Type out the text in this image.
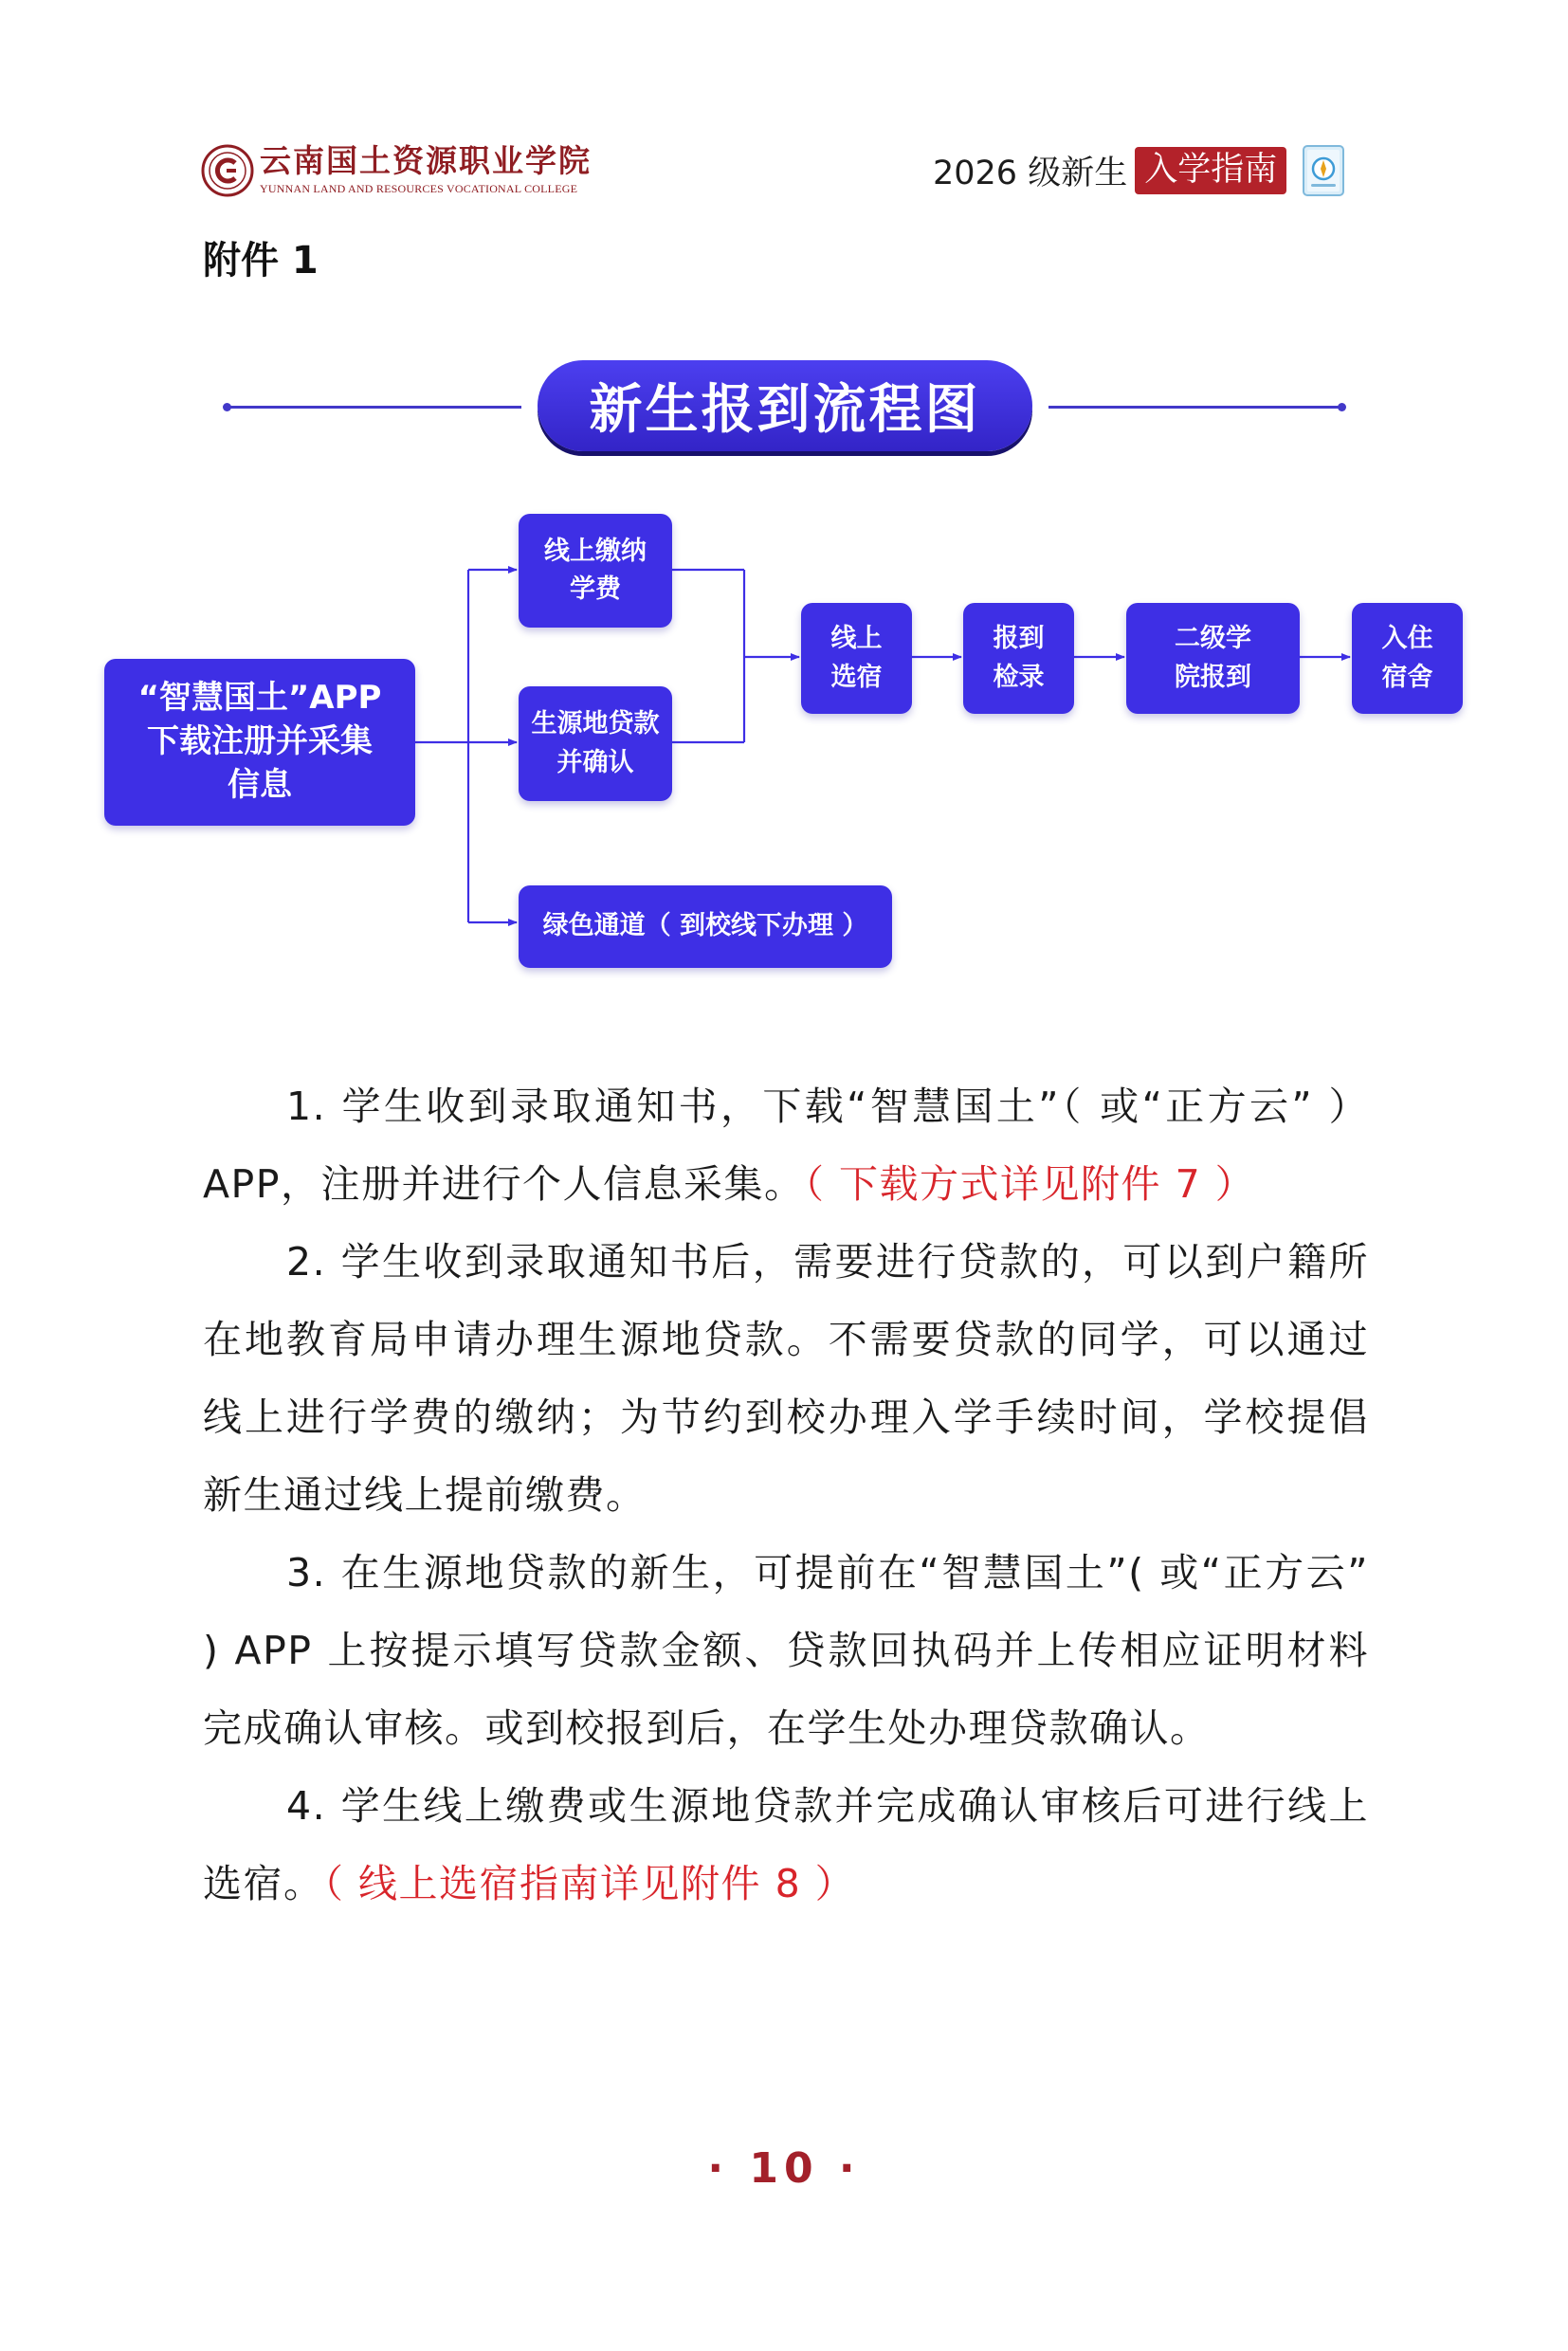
云南国土资源职业学院
YUNNAN LAND AND RESOURCES VOCATIONAL COLLEGE	2026 级新生 入学指南
附件 1
新生报到流程图
“智慧国土”APP
下载注册并采集
信息
线上缴纳
学费
生源地贷款
并确认
绿色通道（ 到校线下办理 ）
线上
选宿
报到
检录
二级学
院报到
入住
宿舍
1. 学生收到录取通知书，下载“智慧国土”（ 或“正方云” ）APP，注册并进行个人信息采集。（ 下载方式详见附件 7 ）
2. 学生收到录取通知书后，需要进行贷款的，可以到户籍所在地教育局申请办理生源地贷款。不需要贷款的同学，可以通过线上进行学费的缴纳；为节约到校办理入学手续时间，学校提倡新生通过线上提前缴费。
3. 在生源地贷款的新生，可提前在“智慧国土”( 或“正方云” ) APP 上按提示填写贷款金额、贷款回执码并上传相应证明材料完成确认审核。或到校报到后，在学生处办理贷款确认。
4. 学生线上缴费或生源地贷款并完成确认审核后可进行线上选宿。（ 线上选宿指南详见附件 8 ）
· 10 ·
